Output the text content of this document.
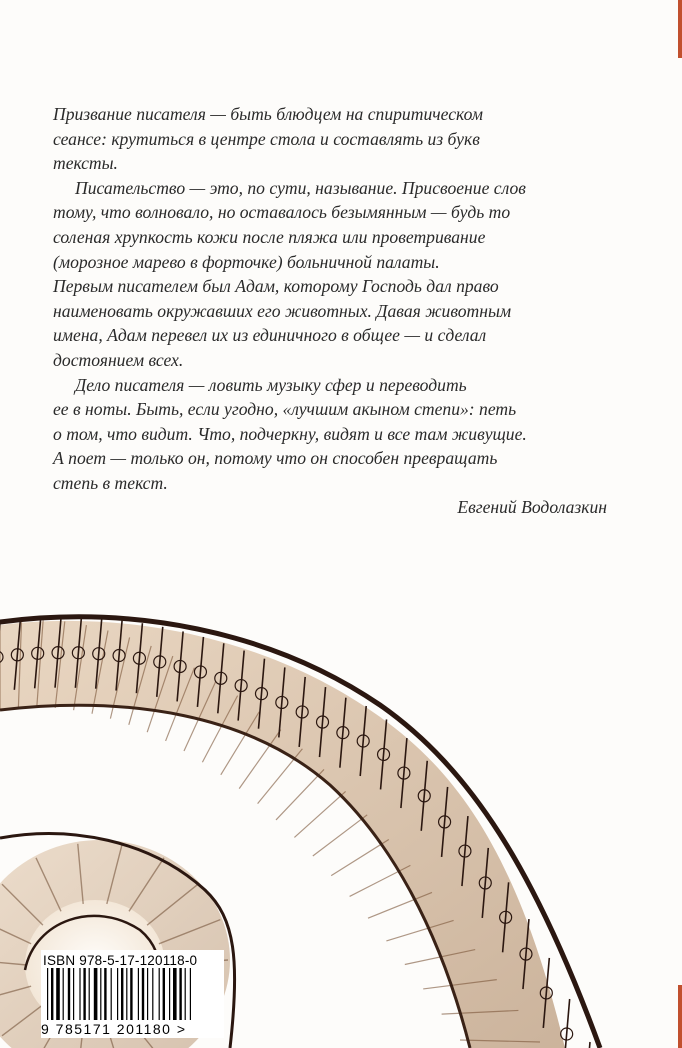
Призвание писателя — быть блюдцем на спиритическом

сеансе: крутиться в центре стола и составлять из букв

тексты.

Писательство — это, по сути, называние. Присвоение слов

тому, что волновало, но оставалось безымянным — будь то

соленая хрупкость кожи после пляжа или проветривание

(морозное марево в форточке) больничной палаты.

Первым писателем был Адам, которому Господь дал право

наименовать окружавших его животных. Давая животным

имена, Адам перевел их из единичного в общее — и сделал

достоянием всех.

Дело писателя — ловить музыку сфер и переводить

ее в ноты. Быть, если угодно, «лучшим акыном степи»: петь

о том, что видит. Что, подчеркну, видят и все там живущие.

А поет — только он, потому что он способен превращать

степь в текст.

Евгений Водолазкин
ISBN 978-5-17-120118-0
9 785171 201180 >
